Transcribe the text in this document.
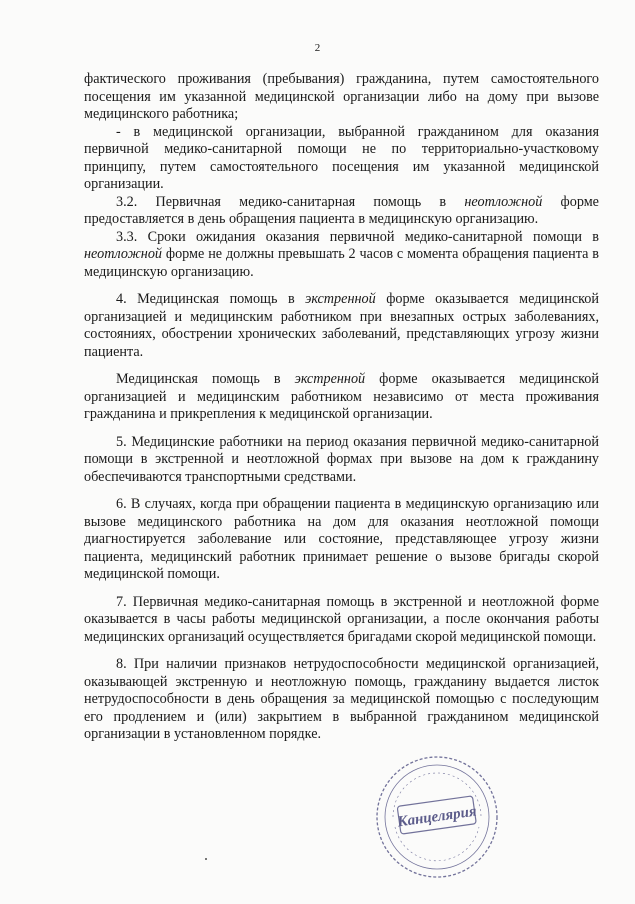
2

фактического проживания (пребывания) гражданина, путем самостоятельного посещения им указанной медицинской организации либо на дому при вызове медицинского работника;

- в медицинской организации, выбранной гражданином для оказания первичной медико-санитарной помощи не по территориально-участковому принципу, путем самостоятельного посещения им указанной медицинской организации.

3.2. Первичная медико-санитарная помощь в неотложной форме предоставляется в день обращения пациента в медицинскую организацию.

3.3. Сроки ожидания оказания первичной медико-санитарной помощи в неотложной форме не должны превышать 2 часов с момента обращения пациента в медицинскую организацию.

4. Медицинская помощь в экстренной форме оказывается медицинской организацией и медицинским работником при внезапных острых заболеваниях, состояниях, обострении хронических заболеваний, представляющих угрозу жизни пациента.

Медицинская помощь в экстренной форме оказывается медицинской организацией и медицинским работником независимо от места проживания гражданина и прикрепления к медицинской организации.

5. Медицинские работники на период оказания первичной медико-санитарной помощи в экстренной и неотложной формах при вызове на дом к гражданину обеспечиваются транспортными средствами.

6. В случаях, когда при обращении пациента в медицинскую организацию или вызове медицинского работника на дом для оказания неотложной помощи диагностируется заболевание или состояние, представляющее угрозу жизни пациента, медицинский работник принимает решение о вызове бригады скорой медицинской помощи.

7. Первичная медико-санитарная помощь в экстренной и неотложной форме оказывается в часы работы медицинской организации, а после окончания работы медицинских организаций осуществляется бригадами скорой медицинской помощи.

8. При наличии признаков нетрудоспособности медицинской организацией, оказывающей экстренную и неотложную помощь, гражданину выдается листок нетрудоспособности в день обращения за медицинской помощью с последующим его продлением и (или) закрытием в выбранной гражданином медицинской организации в установленном порядке.

Канцелярия
